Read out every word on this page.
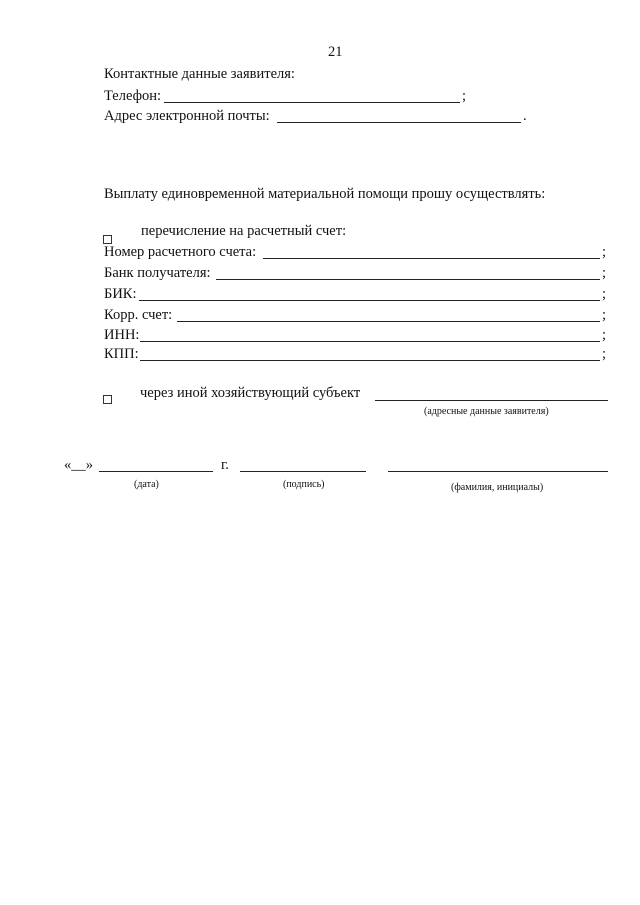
21
Контактные данные заявителя:
Телефон:	;
Адрес электронной почты:	.
Выплату единовременной материальной помощи прошу осуществлять:
перечисление на расчетный счет:
Номер расчетного счета:	;
Банк получателя:	;
БИК:	;
Корр. счет:	;
ИНН:	;
КПП:	;
через иной хозяйствующий субъект
(адресные данные заявителя)
«__»	г.
(дата)	(подпись)	(фамилия, инициалы)
